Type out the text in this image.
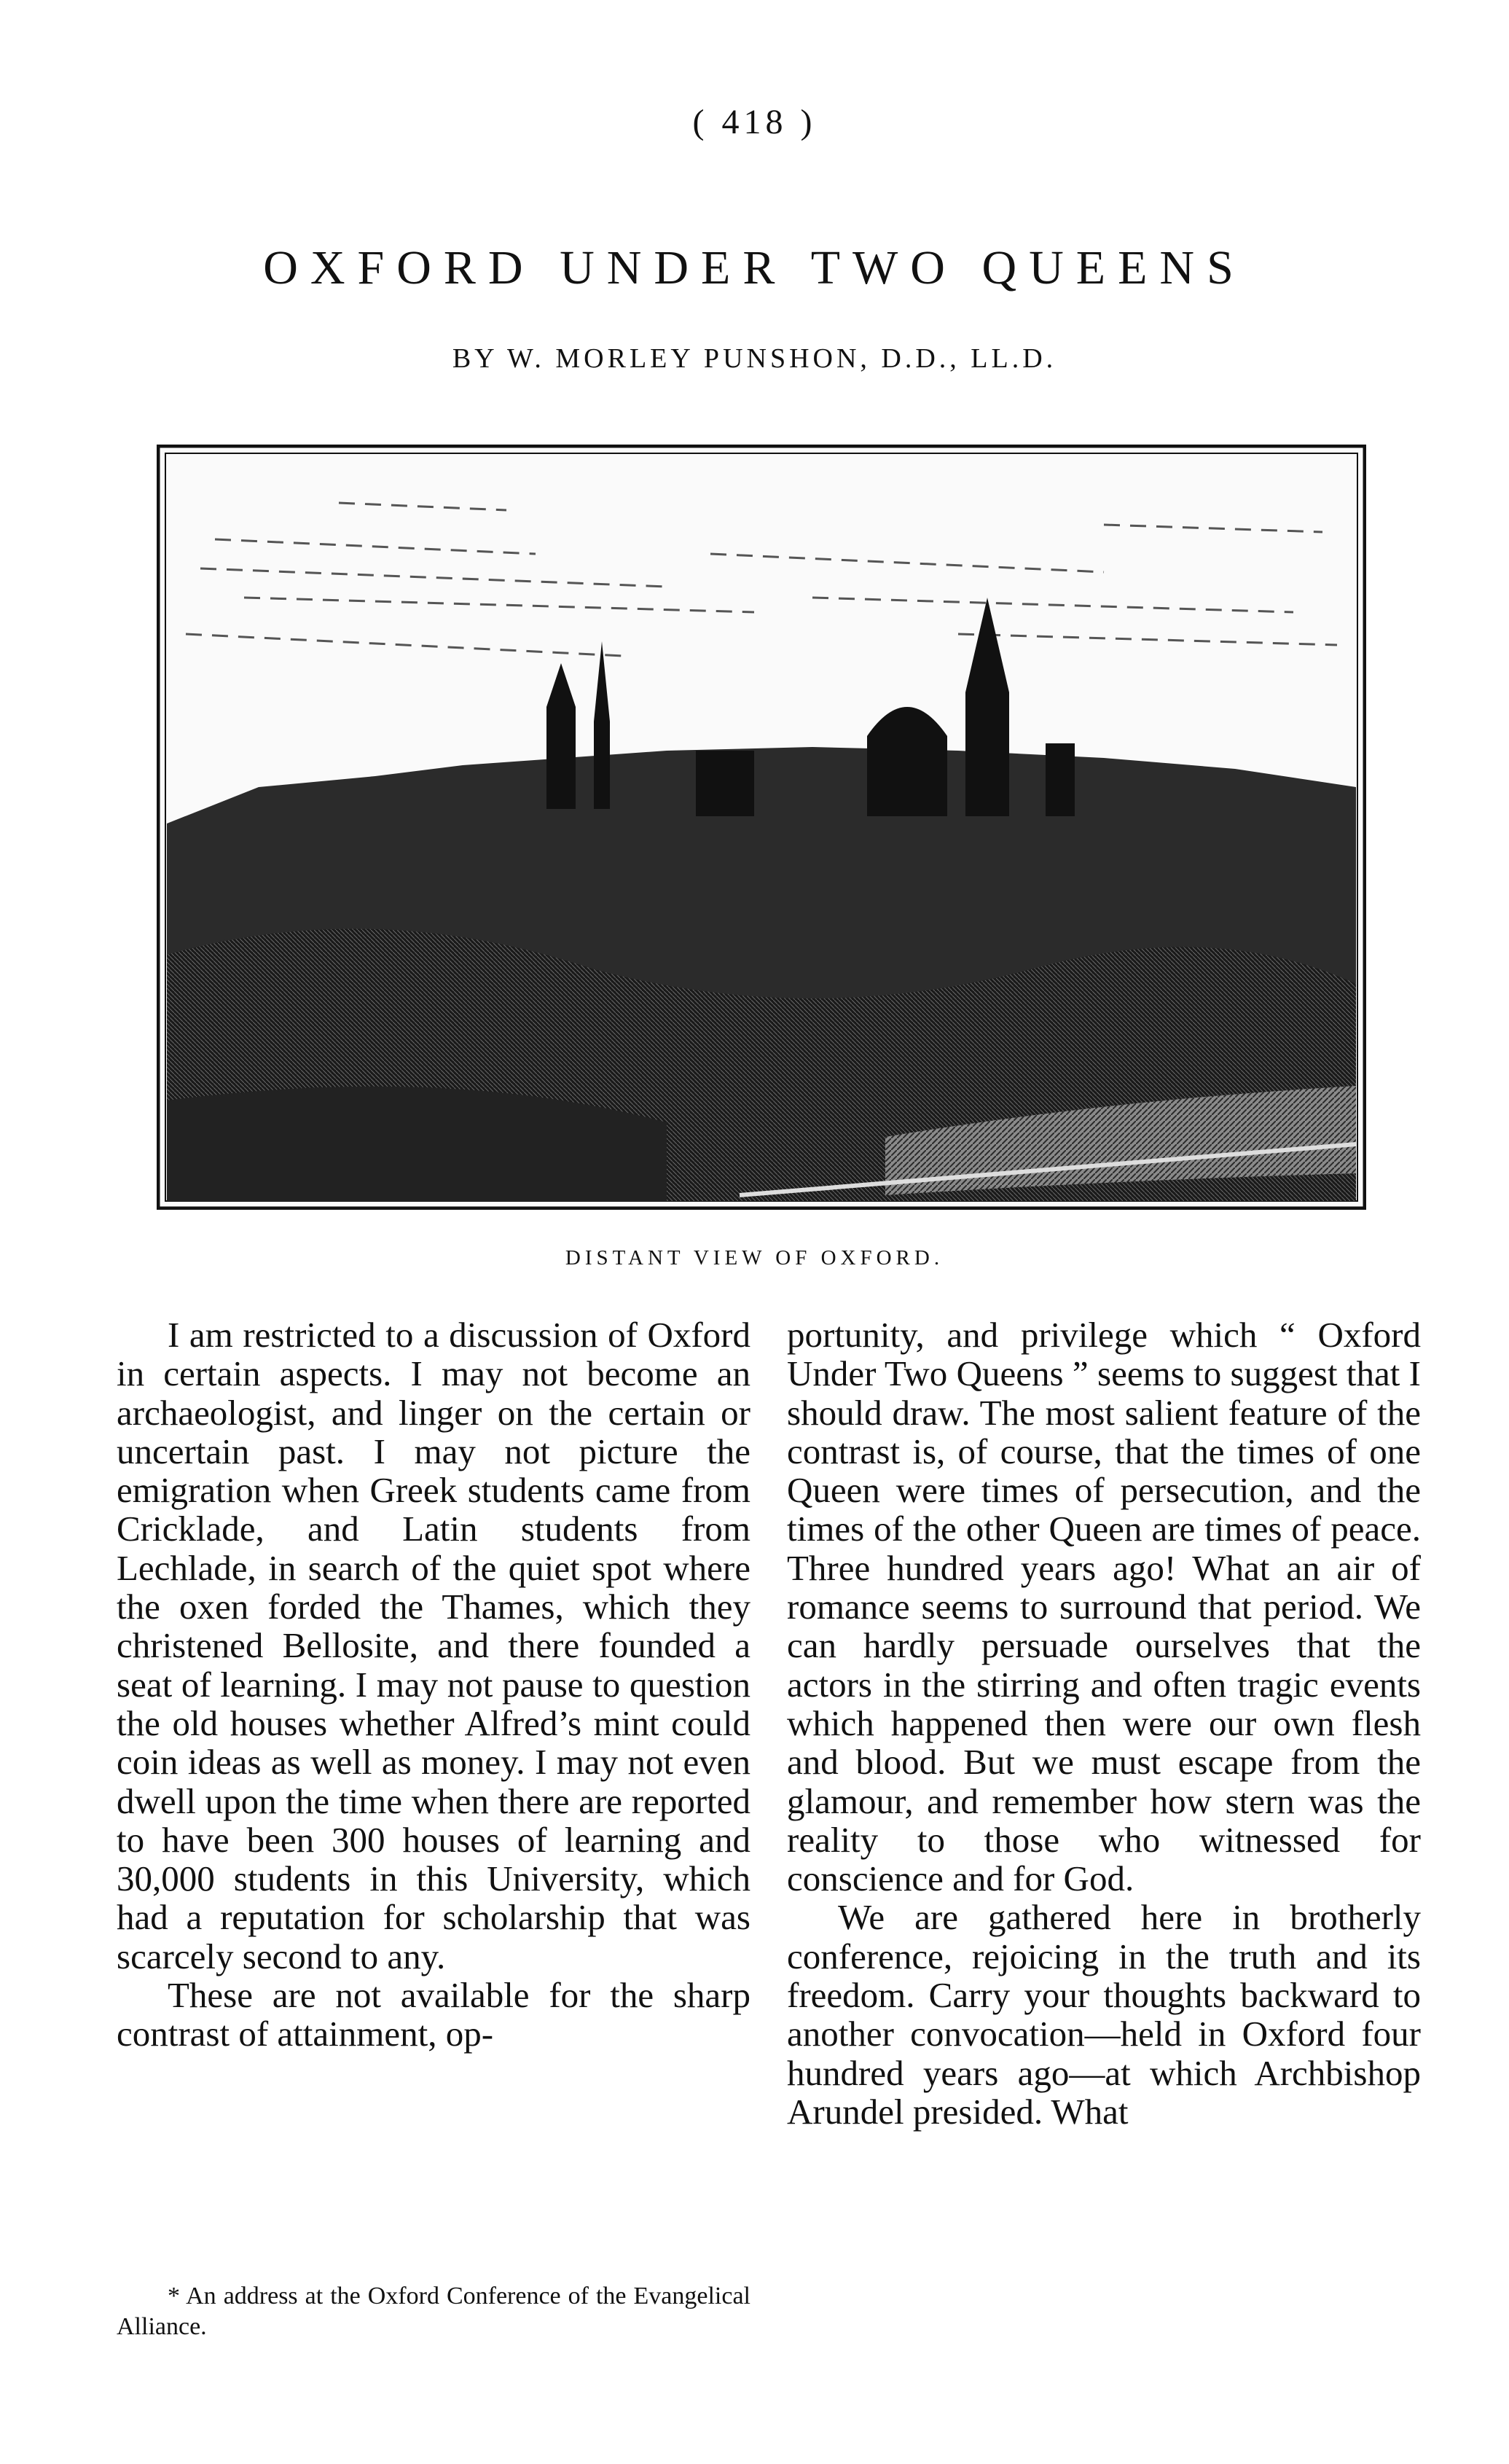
( 418 )
OXFORD UNDER TWO QUEENS
BY W. MORLEY PUNSHON, D.D., LL.D.
DISTANT VIEW OF OXFORD.

I am restricted to a discussion of Oxford in certain aspects. I may not become an archaeologist, and linger on the certain or uncertain past. I may not picture the emigration when Greek students came from Cricklade, and Latin students from Lechlade, in search of the quiet spot where the oxen forded the Thames, which they christened Bellosite, and there founded a seat of learning. I may not pause to question the old houses whether Alfred’s mint could coin ideas as well as money. I may not even dwell upon the time when there are reported to have been 300 houses of learning and 30,000 students in this University, which had a reputation for scholarship that was scarcely second to any.

These are not available for the sharp contrast of attainment, op-

portunity, and privilege which “ Oxford Under Two Queens ” seems to suggest that I should draw. The most salient feature of the contrast is, of course, that the times of one Queen were times of persecution, and the times of the other Queen are times of peace. Three hundred years ago! What an air of romance seems to surround that period. We can hardly persuade ourselves that the actors in the stirring and often tragic events which happened then were our own flesh and blood. But we must escape from the glamour, and remember how stern was the reality to those who witnessed for conscience and for God.

We are gathered here in brotherly conference, rejoicing in the truth and its freedom. Carry your thoughts backward to another convocation—held in Oxford four hundred years ago—at which Archbishop Arundel presided. What

* An address at the Oxford Conference of the Evangelical Alliance.
